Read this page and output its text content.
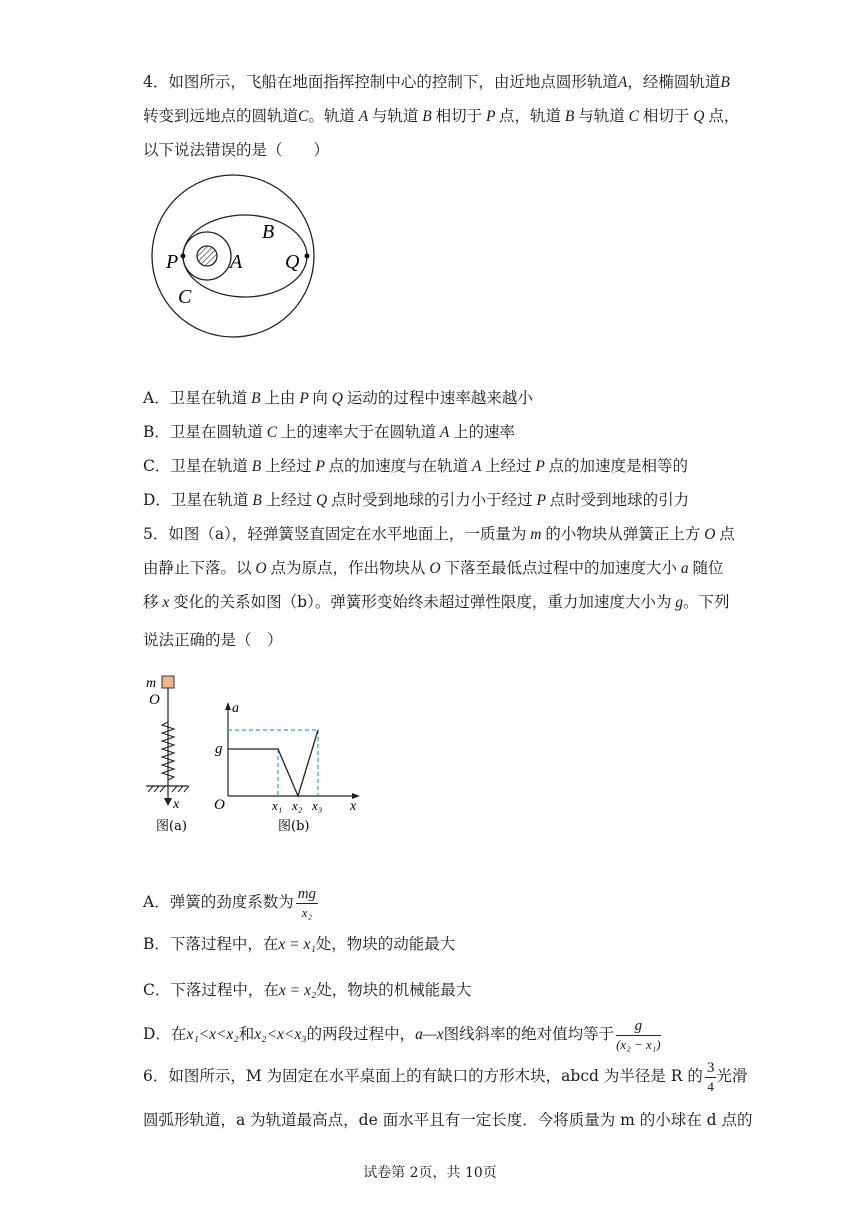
4．如图所示，飞船在地面指挥控制中心的控制下，由近地点圆形轨道A，经椭圆轨道B
转变到远地点的圆轨道C。轨道 A 与轨道 B 相切于 P 点，轨道 B 与轨道 C 相切于 Q 点，
以下说法错误的是（　　）
P	A
B
Q
C
A．卫星在轨道 B 上由 P 向 Q 运动的过程中速率越来越小
B．卫星在圆轨道 C 上的速率大于在圆轨道 A 上的速率
C．卫星在轨道 B 上经过 P 点的加速度与在轨道 A 上经过 P 点的加速度是相等的
D．卫星在轨道 B 上经过 Q 点时受到地球的引力小于经过 P 点时受到地球的引力
5．如图（a），轻弹簧竖直固定在水平地面上，一质量为 m 的小物块从弹簧正上方 O 点
由静止下落。以 O 点为原点，作出物块从 O 下落至最低点过程中的加速度大小 a 随位
移 x 变化的关系如图（b）。弹簧形变始终未超过弹性限度，重力加速度大小为 g。下列
说法正确的是（　）
m
O
x
图(a)
a
g
O	x₁ x₂ x₃ x
图(b)
A．弹簧的劲度系数为 $\frac{mg}{\text{x₂}}$
B．下落过程中，在x = x₁处，物块的动能最大
C．下落过程中，在x = x₂处，物块的机械能最大
D．在x₁<x<x₂和x₂<x<x₃的两段过程中，a—x图线斜率的绝对值均等于 $\frac{g}{\text{(x₂ − x₁)}}$
6．如图所示，M 为固定在水平桌面上的有缺口的方形木块，abcd 为半径是 R 的 $\frac{3}{4}$ 光滑
圆弧形轨道，a 为轨道最高点，de 面水平且有一定长度．今将质量为 m 的小球在 d 点的
试卷第 2页，共 10页
